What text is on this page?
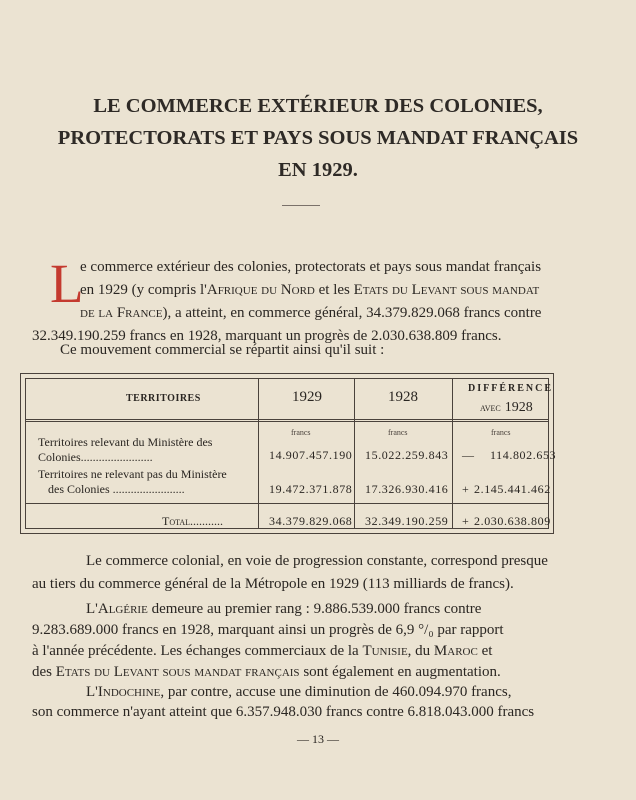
LE COMMERCE EXTÉRIEUR DES COLONIES,
PROTECTORATS ET PAYS SOUS MANDAT FRANÇAIS
EN 1929.
L
e commerce extérieur des colonies, protectorats et pays sous mandat français
en 1929 (y compris l'Afrique du Nord et les Etats du Levant sous mandat
de la France), a atteint, en commerce général, 34.379.829.068 francs contre
32.349.190.259 francs en 1928, marquant un progrès de 2.030.638.809 francs.
Ce mouvement commercial se répartit ainsi qu'il suit :
TERRITOIRES	1929	1928
DIFFÉRENCE
avec 1928
francs	francs	francs
Territoires relevant du Ministère des
Colonies........................	14.907.457.190 15.022.259.843 — 114.802.653
Territoires ne relevant pas du Ministère
des Colonies ........................	19.472.371.878 17.326.930.416 + 2.145.441.462
Total...........	34.379.829.068 32.349.190.259 + 2.030.638.809
Le commerce colonial, en voie de progression constante, correspond presque
au tiers du commerce général de la Métropole en 1929 (113 milliards de francs).
L'Algérie demeure au premier rang : 9.886.539.000 francs contre
9.283.689.000 francs en 1928, marquant ainsi un progrès de 6,9 °/₀ par rapport
à l'année précédente. Les échanges commerciaux de la Tunisie, du Maroc et
des Etats du Levant sous mandat français sont également en augmentation.
L'Indochine, par contre, accuse une diminution de 460.094.970 francs,
son commerce n'ayant atteint que 6.357.948.030 francs contre 6.818.043.000 francs
— 13 —
